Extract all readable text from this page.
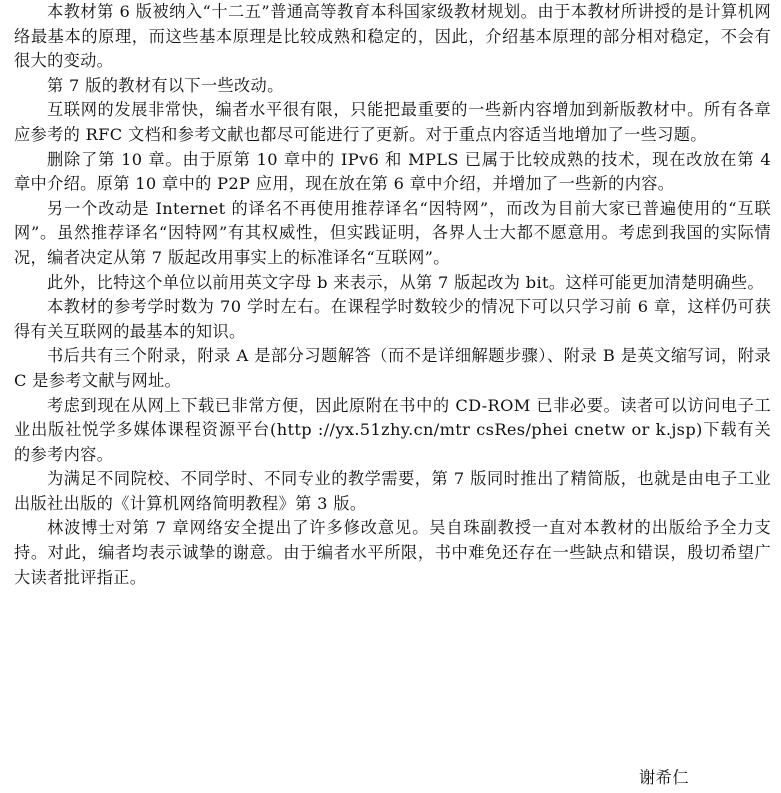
本教材第 6 版被纳入“十二五”普通高等教育本科国家级教材规划。由于本教材所讲授的是计算机网络最基本的原理，而这些基本原理是比较成熟和稳定的，因此，介绍基本原理的部分相对稳定，不会有很大的变动。

第 7 版的教材有以下一些改动。

互联网的发展非常快，编者水平很有限，只能把最重要的一些新内容增加到新版教材中。所有各章应参考的 RFC 文档和参考文献也都尽可能进行了更新。对于重点内容适当地增加了一些习题。

删除了第 10 章。由于原第 10 章中的 IPv6 和 MPLS 已属于比较成熟的技术，现在改放在第 4 章中介绍。原第 10 章中的 P2P 应用，现在放在第 6 章中介绍，并增加了一些新的内容。

另一个改动是 Internet 的译名不再使用推荐译名“因特网”，而改为目前大家已普遍使用的“互联网”。虽然推荐译名“因特网”有其权威性，但实践证明，各界人士大都不愿意用。考虑到我国的实际情况，编者决定从第 7 版起改用事实上的标准译名“互联网”。

此外，比特这个单位以前用英文字母 b 来表示，从第 7 版起改为 bit。这样可能更加清楚明确些。

本教材的参考学时数为 70 学时左右。在课程学时数较少的情况下可以只学习前 6 章，这样仍可获得有关互联网的最基本的知识。

书后共有三个附录，附录 A 是部分习题解答（而不是详细解题步骤）、附录 B 是英文缩写词，附录 C 是参考文献与网址。

考虑到现在从网上下载已非常方便，因此原附在书中的 CD-ROM 已非必要。读者可以访问电子工业出版社悦学多媒体课程资源平台(http ://yx.51zhy.cn/mtr csRes/phei cnetw or k.jsp)下载有关的参考内容。

为满足不同院校、不同学时、不同专业的教学需要，第 7 版同时推出了精简版，也就是由电子工业出版社出版的《计算机网络简明教程》第 3 版。

林波博士对第 7 章网络安全提出了许多修改意见。吴自珠副教授一直对本教材的出版给予全力支持。对此，编者均表示诚挚的谢意。由于编者水平所限，书中难免还存在一些缺点和错误，殷切希望广大读者批评指正。

谢希仁
